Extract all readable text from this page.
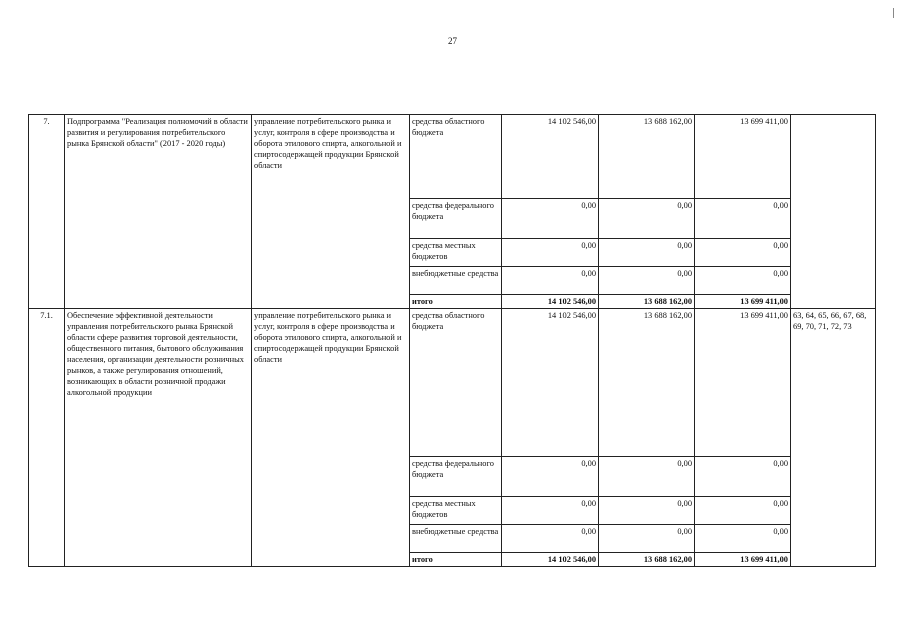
27
7.	Подпрограмма "Реализация полномочий в области развития и регулирования потребительского рынка Брянской области" (2017 - 2020 годы)	управление потребительского рынка и услуг, контроля в сфере производства и оборота этилового спирта, алкогольной и спиртосодержащей продукции Брянской области	средства областного бюджета	14 102 546,00	13 688 162,00	13 699 411,00	
			средства федерального бюджета	0,00	0,00	0,00	
			средства местных бюджетов	0,00	0,00	0,00	
			внебюджетные средства	0,00	0,00	0,00	
			итого	14 102 546,00	13 688 162,00	13 699 411,00	
7.1.	Обеспечение эффективной деятельности управления потребительского рынка Брянской области сфере развития торговой деятельности, общественного питания, бытового обслуживания населения, организации деятельности розничных рынков, а также регулирования отношений, возникающих в области розничной продажи алкогольной продукции	управление потребительского рынка и услуг, контроля в сфере производства и оборота этилового спирта, алкогольной и спиртосодержащей продукции Брянской области	средства областного бюджета	14 102 546,00	13 688 162,00	13 699 411,00	63, 64, 65, 66, 67, 68, 69, 70, 71, 72, 73
			средства федерального бюджета	0,00	0,00	0,00	
			средства местных бюджетов	0,00	0,00	0,00	
			внебюджетные средства	0,00	0,00	0,00	
			итого	14 102 546,00	13 688 162,00	13 699 411,00	
